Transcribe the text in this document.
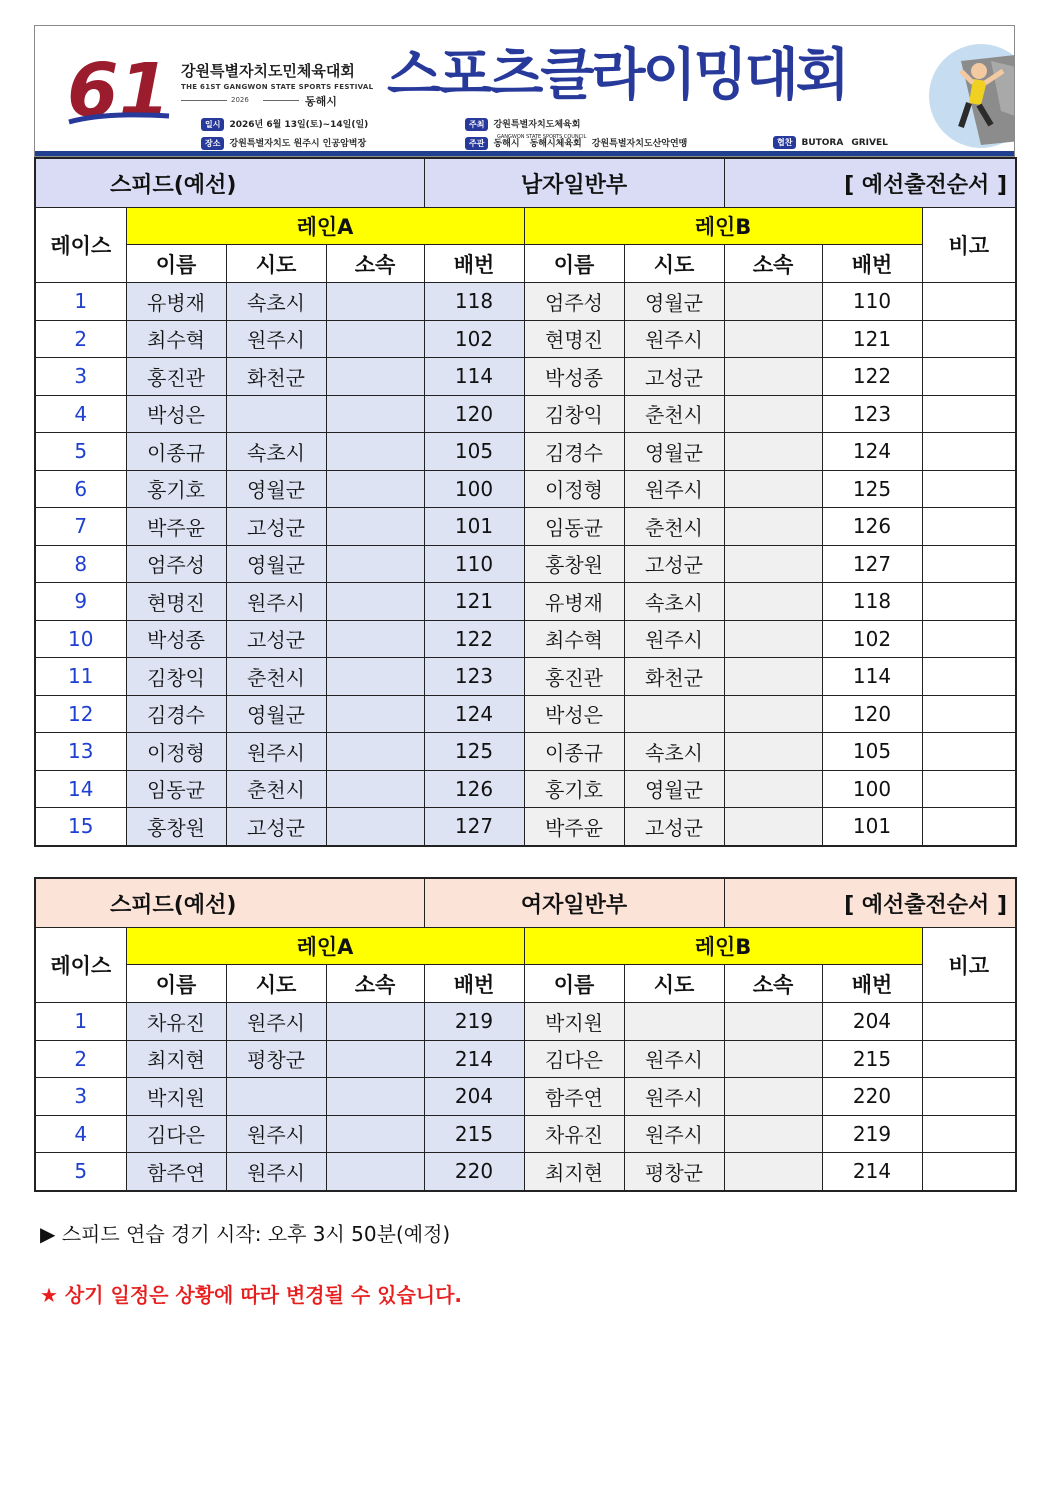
61 강원특별자치도민체육대회
THE 61ST GANGWON STATE SPORTS FESTIVAL
2026	동해시 스포츠클라이밍대회
일시 2026년 6월 13일(토)~14일(일)
장소 강원특별자치도 원주시 인공암벽장
주최 강원특별자치도체육회
GANGWON STATE SPORTS COUNCIL
주관 동해시 동해시체육회 강원특별자치도산악연맹	협찬 BUTORA GRIVEL
스피드(예선)				남자일반부			[ 예선출전순서 ]		
레이스	레인A				레인B				비고
	이름	시도	소속	배번	이름	시도	소속	배번	
1	유병재	속초시		118	엄주성	영월군		110	
2	최수혁	원주시		102	현명진	원주시		121	
3	홍진관	화천군		114	박성종	고성군		122	
4	박성은			120	김창익	춘천시		123	
5	이종규	속초시		105	김경수	영월군		124	
6	홍기호	영월군		100	이정형	원주시		125	
7	박주윤	고성군		101	임동균	춘천시		126	
8	엄주성	영월군		110	홍창원	고성군		127	
9	현명진	원주시		121	유병재	속초시		118	
10	박성종	고성군		122	최수혁	원주시		102	
11	김창익	춘천시		123	홍진관	화천군		114	
12	김경수	영월군		124	박성은			120	
13	이정형	원주시		125	이종규	속초시		105	
14	임동균	춘천시		126	홍기호	영월군		100	
15	홍창원	고성군		127	박주윤	고성군		101	
스피드(예선)				여자일반부			[ 예선출전순서 ]		
레이스	레인A				레인B				비고
	이름	시도	소속	배번	이름	시도	소속	배번	
1	차유진	원주시		219	박지원			204	
2	최지현	평창군		214	김다은	원주시		215	
3	박지원			204	함주연	원주시		220	
4	김다은	원주시		215	차유진	원주시		219	
5	함주연	원주시		220	최지현	평창군		214	
▶ 스피드 연습 경기 시작: 오후 3시 50분(예정)
★ 상기 일정은 상황에 따라 변경될 수 있습니다.
